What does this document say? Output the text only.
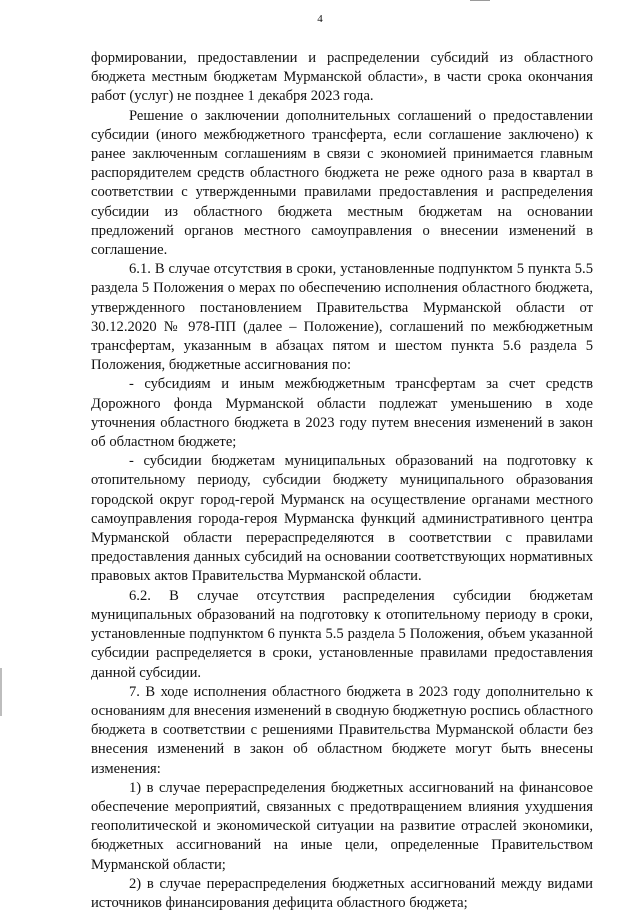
4

формировании, предоставлении и распределении субсидий из областного бюджета местным бюджетам Мурманской области», в части срока окончания работ (услуг) не позднее 1 декабря 2023 года.

Решение о заключении дополнительных соглашений о предоставлении субсидии (иного межбюджетного трансферта, если соглашение заключено) к ранее заключенным соглашениям в связи с экономией принимается главным распорядителем средств областного бюджета не реже одного раза в квартал в соответствии с утвержденными правилами предоставления и распределения субсидии из областного бюджета местным бюджетам на основании предложений органов местного самоуправления о внесении изменений в соглашение.

6.1. В случае отсутствия в сроки, установленные подпунктом 5 пункта 5.5 раздела 5 Положения о мерах по обеспечению исполнения областного бюджета, утвержденного постановлением Правительства Мурманской области от 30.12.2020 № 978-ПП (далее – Положение), соглашений по межбюджетным трансфертам, указанным в абзацах пятом и шестом пункта 5.6 раздела 5 Положения, бюджетные ассигнования по:

- субсидиям и иным межбюджетным трансфертам за счет средств Дорожного фонда Мурманской области подлежат уменьшению в ходе уточнения областного бюджета в 2023 году путем внесения изменений в закон об областном бюджете;

- субсидии бюджетам муниципальных образований на подготовку к отопительному периоду, субсидии бюджету муниципального образования городской округ город-герой Мурманск на осуществление органами местного самоуправления города-героя Мурманска функций административного центра Мурманской области перераспределяются в соответствии с правилами предоставления данных субсидий на основании соответствующих нормативных правовых актов Правительства Мурманской области.

6.2. В случае отсутствия распределения субсидии бюджетам муниципальных образований на подготовку к отопительному периоду в сроки, установленные подпунктом 6 пункта 5.5 раздела 5 Положения, объем указанной субсидии распределяется в сроки, установленные правилами предоставления данной субсидии.

7. В ходе исполнения областного бюджета в 2023 году дополнительно к основаниям для внесения изменений в сводную бюджетную роспись областного бюджета в соответствии с решениями Правительства Мурманской области без внесения изменений в закон об областном бюджете могут быть внесены изменения:

1) в случае перераспределения бюджетных ассигнований на финансовое обеспечение мероприятий, связанных с предотвращением влияния ухудшения геополитической и экономической ситуации на развитие отраслей экономики, бюджетных ассигнований на иные цели, определенные Правительством Мурманской области;

2) в случае перераспределения бюджетных ассигнований между видами источников финансирования дефицита областного бюджета;
